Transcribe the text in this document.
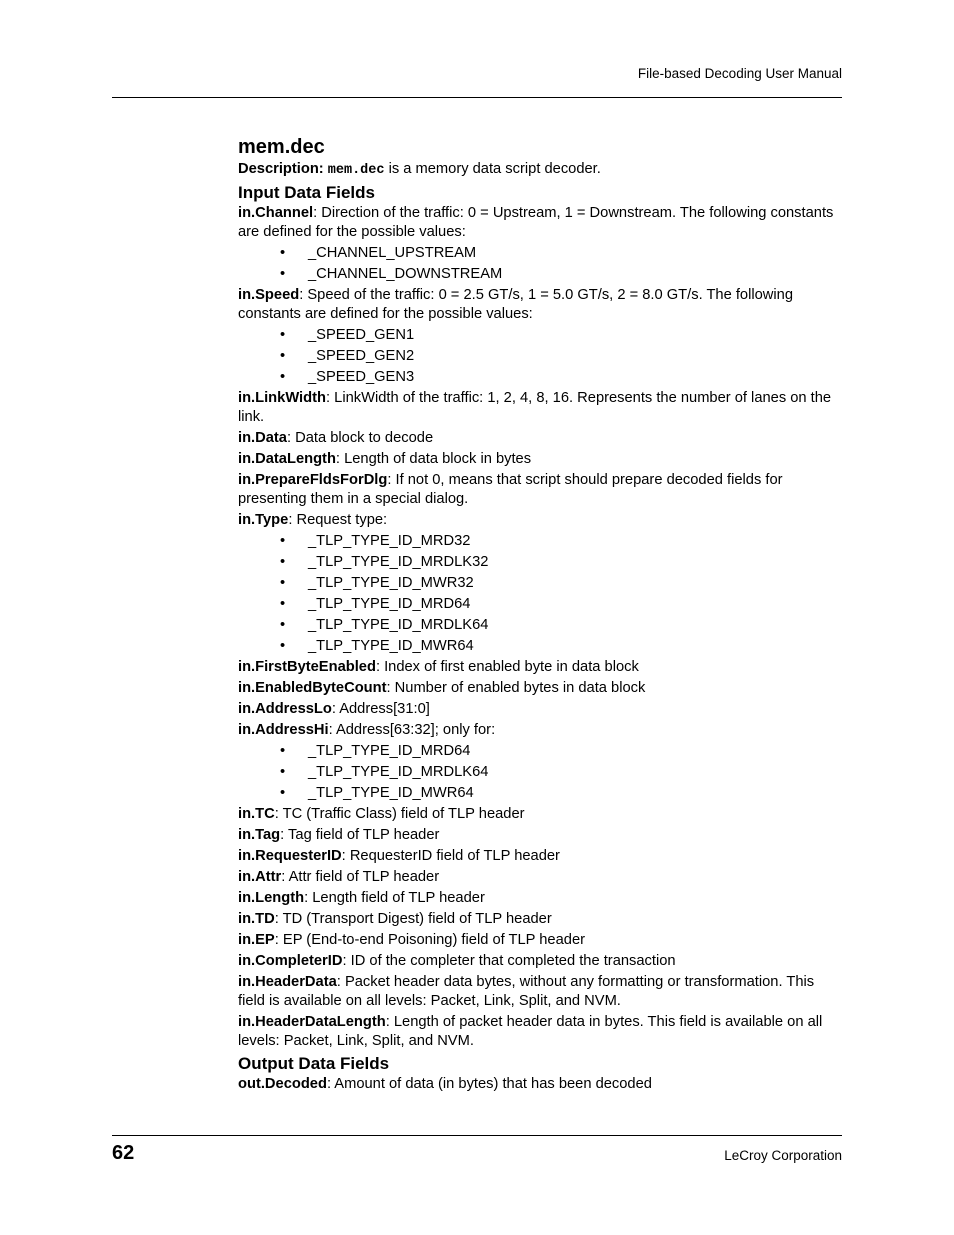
File-based Decoding User Manual
mem.dec

Description: mem.dec is a memory data script decoder.

Input Data Fields

in.Channel: Direction of the traffic: 0 = Upstream, 1 = Downstream. The following constants are defined for the possible values:

• _CHANNEL_UPSTREAM
• _CHANNEL_DOWNSTREAM

in.Speed: Speed of the traffic: 0 = 2.5 GT/s, 1 = 5.0 GT/s, 2 = 8.0 GT/s. The following constants are defined for the possible values:

• _SPEED_GEN1
• _SPEED_GEN2
• _SPEED_GEN3

in.LinkWidth: LinkWidth of the traffic: 1, 2, 4, 8, 16. Represents the number of lanes on the link.

in.Data: Data block to decode

in.DataLength: Length of data block in bytes

in.PrepareFldsForDlg: If not 0, means that script should prepare decoded fields for presenting them in a special dialog.

in.Type: Request type:

• _TLP_TYPE_ID_MRD32
• _TLP_TYPE_ID_MRDLK32
• _TLP_TYPE_ID_MWR32
• _TLP_TYPE_ID_MRD64
• _TLP_TYPE_ID_MRDLK64
• _TLP_TYPE_ID_MWR64

in.FirstByteEnabled: Index of first enabled byte in data block

in.EnabledByteCount: Number of enabled bytes in data block

in.AddressLo: Address[31:0]

in.AddressHi: Address[63:32]; only for:

• _TLP_TYPE_ID_MRD64
• _TLP_TYPE_ID_MRDLK64
• _TLP_TYPE_ID_MWR64

in.TC: TC (Traffic Class) field of TLP header

in.Tag: Tag field of TLP header

in.RequesterID: RequesterID field of TLP header

in.Attr: Attr field of TLP header

in.Length: Length field of TLP header

in.TD: TD (Transport Digest) field of TLP header

in.EP: EP (End-to-end Poisoning) field of TLP header

in.CompleterID: ID of the completer that completed the transaction

in.HeaderData: Packet header data bytes, without any formatting or transformation. This field is available on all levels: Packet, Link, Split, and NVM.

in.HeaderDataLength: Length of packet header data in bytes. This field is available on all levels: Packet, Link, Split, and NVM.

Output Data Fields

out.Decoded: Amount of data (in bytes) that has been decoded

62	LeCroy Corporation
